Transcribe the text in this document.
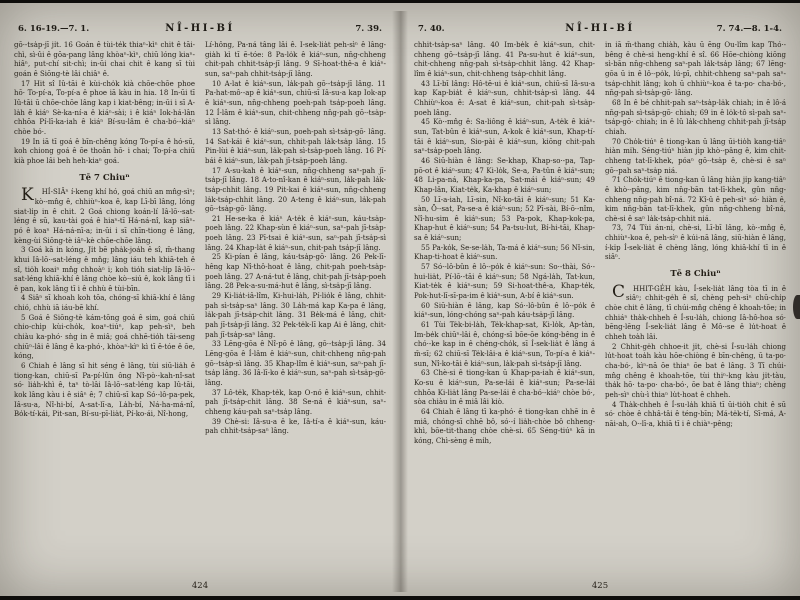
6. 16-19.—7. 1.	NÎ-HI-BÍ	7. 39.

gō·-tsa̍p-jī ji̍t. 16 Goán ê tùi-te̍k thiaⁿ-kìⁿ chit ê tāi-chì, sì-ûi ê gōa-pang lâng khòaⁿ-kìⁿ, chiū lóng kiaⁿ-hiâⁿ, put-chí sit-chì; in-ūi chai chit ê kang sī tùi goán ê Siōng-tè lâi chiâⁿ ê.

17 Hit sî Iû-tāi ê kùi-cho̍k kià chōe-chōe phoe hō· To-pí-a, To-pí-a ê phoe iā kàu in hia. 18 In-ūi tī Iû-tāi ū chōe-chōe lâng kap i kiat-bêng; in-ūi i sī A-la̍h ê kiáⁿ Sè-ka-ní-a ê kiáⁿ-sài; i ê kiáⁿ Iok-há-lân chhōa Pí-lī-ka-iah ê kiáⁿ Bí-su-lâm ê cha-bó·-kiáⁿ chòe bó·.

19 In iā tī goá ê bīn-chêng kóng To-pí-a ê hó-sū, koh chiong goá ê ōe thoân hō· i chai; To-pí-a chiū kià phoe lâi beh heh-kiaⁿ goá.

Tē 7 Chiuⁿ

KHÍ-SIÂⁿ í-keng khí hó, goá chiū an mn̂g-sìⁿ; kò·-mn̂g ê, chhiùⁿ-koa ê, kap Lī-bī lâng, lóng siat-li̍p in ê chit. 2 Goá chiong koán-lí Iâ-lō·-sat-léng ê sū, kau-tài goá ê hiaⁿ-tī Há-ná-nî, kap siâⁿ-pó ê koaⁿ Há-ná-nī-a; in-ūi i sī chīn-tiong ê lâng, kèng-ùi Siōng-tè iâⁿ-kè chōe-chōe lâng.

3 Goá kā in kóng, Ji̍t bē pha̍k-joa̍h ê sî, m̄-thang khui Iâ-lō·-sat-léng ê mn̂g; lâng iáu teh khiā-teh ê sî, tio̍h koaiⁿ mn̂g chhoàⁿ i; koh tio̍h siat-li̍p Iâ-lō·-sat-léng khiā-khí ê lâng chòe kò·-siú ê, kok lâng tī i ê pan, kok lâng tī i ê chhù ê tùi-bīn.

4 Siâⁿ sī khoah koh tōa, chóng-sī khiā-khí ê lâng chió, chhù iā iáu-bē khí.

5 Goá ê Siōng-tè kám-tōng goá ê sim, goá chiū chio-chi̍p kùi-cho̍k, koaⁿ-tiúⁿ, kap peh-sìⁿ, beh chiàu ka-phó· sǹg in ê miâ; goá chhē-tio̍h tāi-seng chiūⁿ-lâi ê lâng ê ka-phó·, khòaⁿ-kìⁿ kì tī ē-tóe ê ōe, kóng,

6 Chiah ê lâng sī hit séng ê lâng, tùi siū-lia̍h ê tiong-kan, chiū-sī Pa-pí-lûn ông Nî-pò·-kah-nî-sat só· lia̍h-khì ê, taⁿ tò-lâi Iâ-lō·-sat-léng kap Iû-tāi, kok lâng kàu i ê siâⁿ ê; 7 chiū-sī kap Só·-lô-pa-pek, Iâ-su-a, Nî-hi-bí, A-sat-lī-a, La̍h-bí, Ná-ha-má-nî, Bo̍k-tí-kái, Pit-san, Bí-su-pī-lia̍t, Pí-ko-ái, Nî-hong,

Lí-hông, Pa-ná tâng lâi ê. Í-sek-lia̍t peh-sìⁿ ê lâng-gia̍h kì tī ē-tóe: 8 Pa-lo̍k ê kiáⁿ-sun, nn̄g-chheng chit-pah chhit-tsa̍p-jī lâng. 9 Sī-hoat-thê-a ê kiáⁿ-sun, saⁿ-pah chhit-tsa̍p-jī lâng.

10 A-lat ê kiáⁿ-sun, la̍k-pah gō·-tsa̍p-jī lâng. 11 Pa-hat-mô·-ap ê kiáⁿ-sun, chiū-sī Iâ-su-a kap Iok-ap ê kiáⁿ-sun, nn̄g-chheng poeh-pah tsa̍p-poeh lâng. 12 Í-lâm ê kiáⁿ-sun, chit-chheng nn̄g-pah gō·-tsa̍p-sì lâng.

13 Sat-thó· ê kiáⁿ-sun, poeh-pah sì-tsa̍p-gō· lâng. 14 Sat-kái ê kiáⁿ-sun, chhit-pah la̍k-tsa̍p lâng. 15 Pin-lùi ê kiáⁿ-sun, la̍k-pah sì-tsa̍p-poeh lâng. 16 Pí-bái ê kiáⁿ-sun, la̍k-pah jī-tsa̍p-poeh lâng.

17 A-su-kah ê kiáⁿ-sun, nn̄g-chheng saⁿ-pah jī-tsa̍p-jī lâng. 18 A-to-nî-kan ê kiáⁿ-sun, la̍k-pah la̍k-tsa̍p-chhit lâng. 19 Pit-kai ê kiáⁿ-sun, nn̄g-chheng la̍k-tsa̍p-chhit lâng. 20 A-teng ê kiáⁿ-sun, la̍k-pah gō·-tsa̍p-gō· lâng.

21 He-se-ka ê kiáⁿ A-te̍k ê kiáⁿ-sun, káu-tsa̍p-poeh lâng. 22 Khap-sùn ê kiáⁿ-sun, saⁿ-pah jī-tsa̍p-poeh lâng. 23 Pī-tsai ê kiáⁿ-sun, saⁿ-pah jī-tsa̍p-sì lâng. 24 Khap-la̍t ê kiáⁿ-sun, chit-pah tsa̍p-jī lâng.

25 Ki-pían ê lâng, káu-tsa̍p-gō· lâng. 26 Pek-lī-hêng kap Nî-thô-hoat ê lâng, chit-pah poeh-tsa̍p-poeh lâng. 27 A-ná-tut ê lâng, chit-pah jī-tsa̍p-poeh lâng. 28 Pek-a-su-má-hut ê lâng, sì-tsa̍p-jī lâng.

29 Ki-lia̍t-iâ-lîm, Ki-hui-la̍h, Pí-lio̍k ê lâng, chhit-pah sì-tsa̍p-saⁿ lâng. 30 La̍h-má kap Ka-pa ê lâng, la̍k-pah jī-tsa̍p-chit lâng. 31 Be̍k-má ê lâng, chit-pah jī-tsa̍p-jī lâng. 32 Pek-te̍k-lī kap Ai ê lâng, chit-pah jī-tsa̍p-saⁿ lâng.

33 Lēng-gōa ê Nî-pō ê lâng, gō·-tsa̍p-jī lâng. 34 Lēng-gōa ê Í-lâm ê kiáⁿ-sun, chit-chheng nn̄g-pah gō·-tsa̍p-sì lâng. 35 Khap-lîm ê kiáⁿ-sun, saⁿ-pah jī-tsa̍p lâng. 36 Iâ-lī-ko ê kiáⁿ-sun, saⁿ-pah sì-tsa̍p-gō· lâng.

37 Lô-te̍k, Khap-te̍k, kap O-nó ê kiáⁿ-sun, chhit-pah jī-tsa̍p-chit lâng. 38 Se-ná ê kiáⁿ-sun, saⁿ-chheng káu-pah saⁿ-tsa̍p lâng.

39 Chè-si: Iâ-su-a ê ke, Iâ-tí-a ê kiáⁿ-sun, káu-pah chhit-tsa̍p-saⁿ lâng.

424
7. 40.	NÎ-HI-BÍ	7. 74.—8. 1-4.

chhit-tsa̍p-saⁿ lâng. 40 Im-be̍k ê kiáⁿ-sun, chit-chheng gō·-tsa̍p-jī lâng. 41 Pa-su-hut ê kiáⁿ-sun, chit-chheng nn̄g-pah sì-tsa̍p-chhit lâng. 42 Khap-lîm ê kiáⁿ-sun, chit-chheng tsa̍p-chhit lâng.

43 Lī-bī lâng: Hô-tē-ui ê kiáⁿ-sun, chiū-sī Iâ-su-a kap Kap-bia̍t ê kiáⁿ-sun, chhit-tsa̍p-sì lâng. 44 Chhiùⁿ-koa ê: A-sat ê kiáⁿ-sun, chit-pah sì-tsa̍p-poeh lâng.

45 Kò·-mn̂g ê: Sa-liông ê kiáⁿ-sun, A-te̍k ê kiáⁿ-sun, Tat-bûn ê kiáⁿ-sun, A-kok ê kiáⁿ-sun, Khap-tí-tāi ê kiáⁿ-sun, Sio-pài ê kiáⁿ-sun, kiōng chit-pah saⁿ-tsa̍p-poeh lâng.

46 Siū-hiàn ê lâng: Se-khap, Khap-so·-pa, Tap-pō-ot ê kiáⁿ-sun; 47 Ki-lo̍k, Se-a, Pa-tûn ê kiáⁿ-sun; 48 Li-pa-ná, Khap-ka-pa, Sat-mái ê kiáⁿ-sun; 49 Khap-lân, Kiat-te̍k, Ka-khap ê kiáⁿ-sun;

50 Lī-a-iah, Lī-sin, Nî-ko-tāi ê kiáⁿ-sun; 51 Ka-sàn, Ō·-sat, Pa-se-a ê kiáⁿ-sun; 52 Pī-sài, Bí-ō·-nîm, Nî-hu-sim ê kiáⁿ-sun; 53 Pa-pok, Khap-kok-pa, Khap-hut ê kiáⁿ-sun; 54 Pa-tsu-lut, Bí-hi-tāi, Khap-sa ê kiáⁿ-sun;

55 Pa-ko̍k, Se-se-la̍h, Ta-má ê kiáⁿ-sun; 56 Nî-sin, Khap-ti-hoat ê kiáⁿ-sun.

57 Só·-lô-bûn ê lô·-po̍k ê kiáⁿ-sun: So·-thài, Só·-hui-lia̍t, Pí-lō·-tāi ê kiáⁿ-sun; 58 Ngá-la̍h, Tat-kun, Kiat-te̍k ê kiáⁿ-sun; 59 Si-hoat-thê-a, Khap-te̍k, Pok-hut-lī-sī-pa-im ê kiáⁿ-sun, A-bí ê kiáⁿ-sun.

60 Siū-hiàn ê lâng, kap Só·-lô-bûn ê lô·-po̍k ê kiáⁿ-sun, lóng-chóng saⁿ-pah káu-tsa̍p-jī lâng.

61 Tùi Te̍k-bi-la̍h, Te̍k-khap-sat, Ki-lo̍k, Ap-tàn, Im-be̍k chiūⁿ-lâi ê, chóng-sī bōe-ōe kóng-bêng in ê chó·-ke kap in ê chéng-cho̍k, sī Í-sek-lia̍t ê lâng á m̄-sī; 62 chiū-sī Te̍k-lâi-a ê kiáⁿ-sun, To-pí-a ê kiáⁿ-sun, Nî-ko-tāi ê kiáⁿ-sun, la̍k-pah sì-tsa̍p-jī lâng.

63 Chè-si ê tiong-kan ū Khap-pa-iah ê kiáⁿ-sun, Ko-su ê kiáⁿ-sun, Pa-se-lái ê kiáⁿ-sun; Pa-se-lái chhōa Ki-lia̍t lâng Pa-se-lái ê cha-bó·-kiáⁿ chòe bó·, sòa chiàu in ê miâ lâi kiò.

64 Chiah ê lâng tī ka-phó· ê tiong-kan chhē in ê miâ, chóng-sī chhē bô, só·-í lia̍h-chòe bô chheng-khì, bōe-tit-thang chòe chè-si. 65 Séng-tiúⁿ kā in kóng, Chì-sèng ê mi̍h,

in iā m̄-thang chia̍h, kàu ū ēng Ou-lîm kap Thó·-bêng ê chè-si heng-khí ê sî. 66 Hōe-chiòng kiōng sì-bān nn̄g-chheng saⁿ-pah la̍k-tsa̍p lâng; 67 lēng-gōa ū in ê lô·-po̍k, lú-pī, chhit-chheng saⁿ-pah saⁿ-tsa̍p-chhit lâng; koh ū chhiùⁿ-koa ê ta-po· cha-bó·, nn̄g-pah sì-tsa̍p-gō· lâng.

68 In ê bé chhit-pah saⁿ-tsa̍p-la̍k chiah; in ê lô-á nn̄g-pah sì-tsa̍p-gō· chiah; 69 in ê lo̍k-tô sì-pah saⁿ-tsa̍p-gō· chiah; in ê lû la̍k-chheng chhit-pah jī-tsa̍p chiah.

70 Cho̍k-tiúⁿ ê tiong-kan ū lâng ūi-tio̍h kang-tiâⁿ hiàn mi̍h. Séng-tiúⁿ hiàn ji̍p khò·-pâng ê, kim chit-chheng tat-lī-khek, póaⁿ gō·-tsa̍p ê, chè-si ê saⁿ gō·-pah saⁿ-tsa̍p niá.

71 Cho̍k-tiúⁿ ê tiong-kan ū lâng hiàn ji̍p kang-tiâⁿ ê khò·-pâng, kim nn̄g-bān tat-lī-khek, gûn nn̄g-chheng nn̄g-pah bî-ná. 72 Kî-û ê peh-sìⁿ só· hiàn ê, kim nn̄g-bān tat-lī-khek, gûn nn̄g-chheng bî-ná, chè-si ê saⁿ la̍k-tsa̍p-chhit niá.

73, 74 Tùi án-ni, chè-si, Lī-bī lâng, kò·-mn̂g ê, chhiùⁿ-koa ê, peh-sìⁿ ê kúi-nā lâng, siū-hiàn ê lâng, í-ki̍p Í-sek-lia̍t ê chèng lâng, lóng khiā-khí tī in ê siâⁿ.

Tē 8 Chiuⁿ

CHHIT-GE̍H kàu, Í-sek-lia̍t lâng tòa tī in ê siâⁿ; chhit-ge̍h ê sî, chèng peh-sìⁿ chū-chi̍p chòe chit ê lâng, tī chúi-mn̂g chêng ê khoah-tōe; in chhiáⁿ tha̍k-chheh ê Í-su-la̍h, chiong Iâ-hô-hoa só· bēng-lēng Í-sek-lia̍t lâng ê Mô·-se ê lu̍t-hoat ê chheh toa̍h lâi.

2 Chhit-ge̍h chhoe-it ji̍t, chè-si Í-su-la̍h chiong lu̍t-hoat toa̍h kàu hōe-chiòng ê bīn-chêng, ū ta-po· cha-bó·, kìⁿ-nā ōe thiaⁿ ōe bat ê lâng. 3 Tī chúi-mn̂g chêng ê khoah-tōe, tùi thiⁿ-kng kàu ji̍t-tàu, tha̍k hō· ta-po· cha-bó·, ōe bat ê lâng thiaⁿ; chèng peh-sìⁿ chù-ì thiaⁿ lu̍t-hoat ê chheh.

4 Tha̍k-chheh ê Í-su-la̍h khiā tī ūi-tio̍h chit ê sū só· chòe ê chhâ-tâi ê téng-bīn; Má-te̍k-tí, Sī-má, A-nāi-ah, O·-lī-a, khiā tī i ê chiàⁿ-pêng;

425
